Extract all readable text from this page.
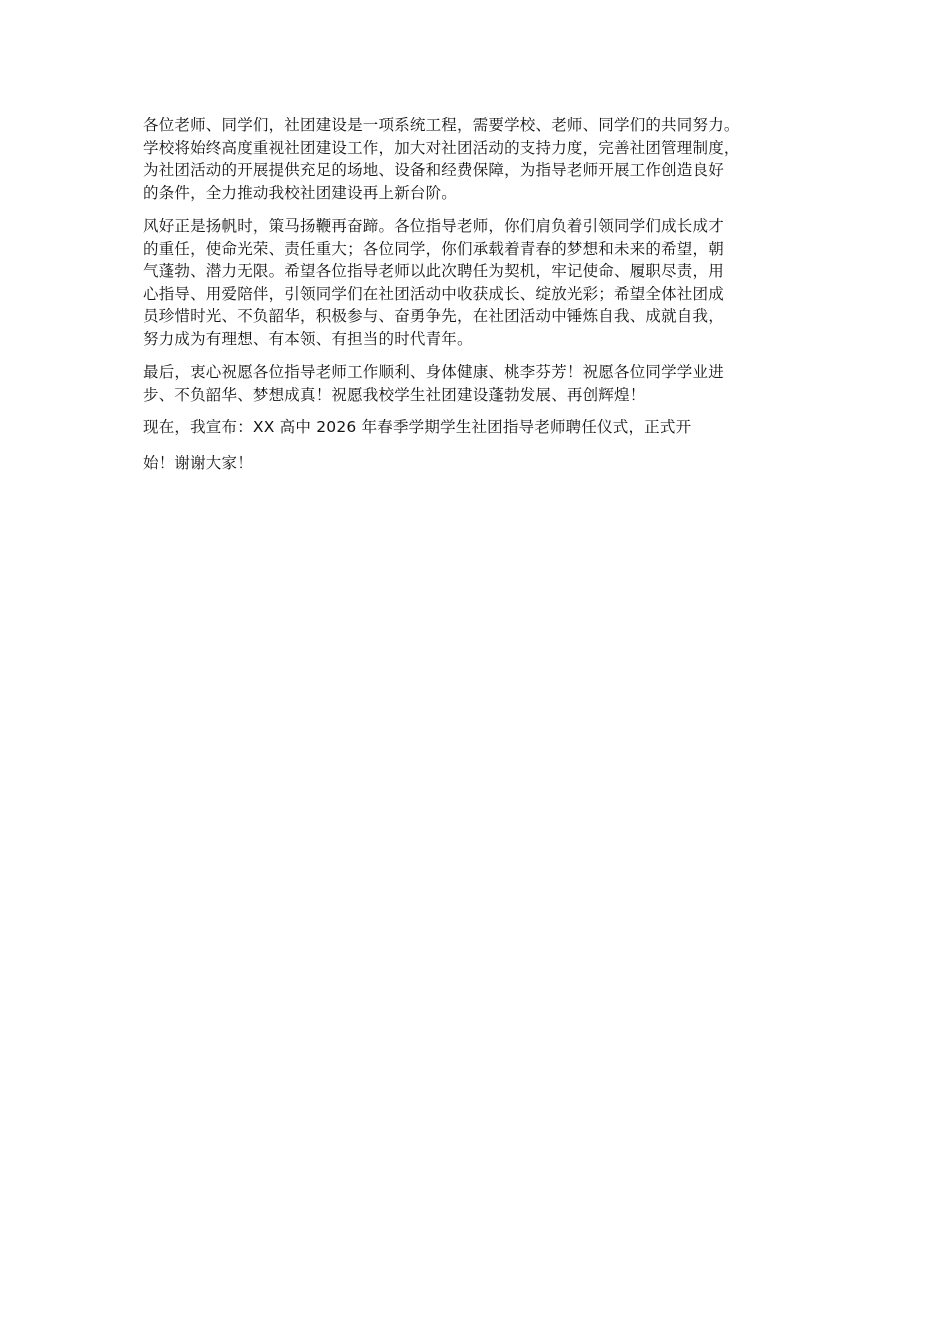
各位老师、同学们，社团建设是一项系统工程，需要学校、老师、同学们的共同努力。
学校将始终高度重视社团建设工作，加大对社团活动的支持力度，完善社团管理制度，
为社团活动的开展提供充足的场地、设备和经费保障，为指导老师开展工作创造良好
的条件，全力推动我校社团建设再上新台阶。

风好正是扬帆时，策马扬鞭再奋蹄。各位指导老师，你们肩负着引领同学们成长成才
的重任，使命光荣、责任重大；各位同学，你们承载着青春的梦想和未来的希望，朝
气蓬勃、潜力无限。希望各位指导老师以此次聘任为契机，牢记使命、履职尽责，用
心指导、用爱陪伴，引领同学们在社团活动中收获成长、绽放光彩；希望全体社团成
员珍惜时光、不负韶华，积极参与、奋勇争先，在社团活动中锤炼自我、成就自我，
努力成为有理想、有本领、有担当的时代青年。

最后，衷心祝愿各位指导老师工作顺利、身体健康、桃李芬芳！祝愿各位同学学业进
步、不负韶华、梦想成真！祝愿我校学生社团建设蓬勃发展、再创辉煌！

现在，我宣布：XX 高中 2026 年春季学期学生社团指导老师聘任仪式，正式开
始！谢谢大家！
